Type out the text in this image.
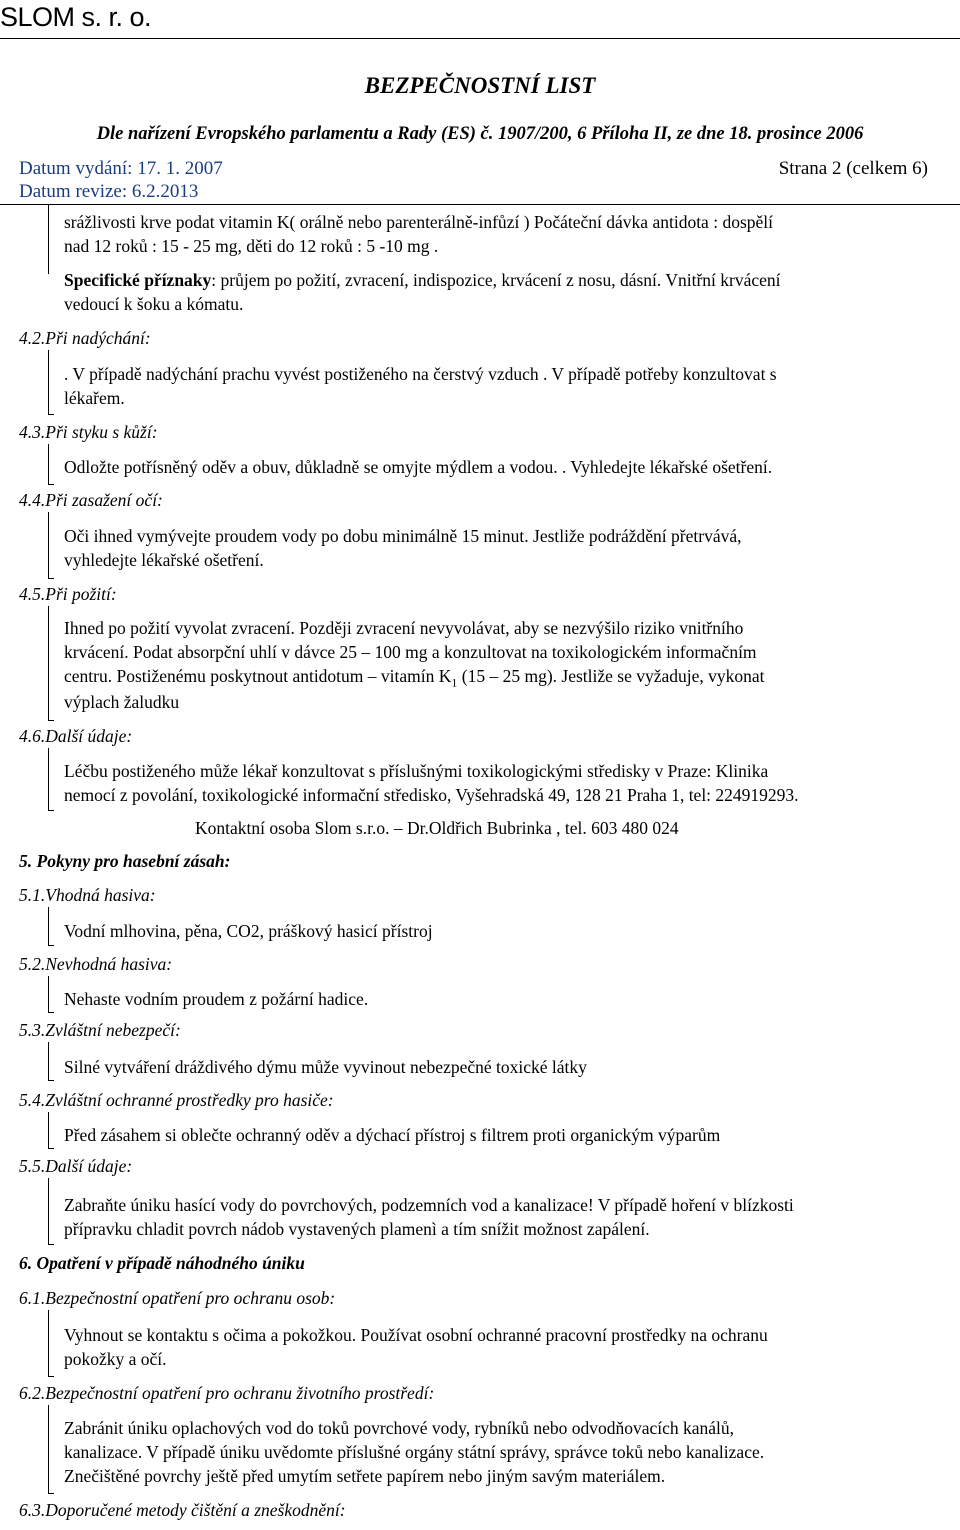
SLOM s. r. o.
BEZPEČNOSTNÍ LIST
Dle nařízení Evropského parlamentu a Rady (ES) č. 1907/200, 6 Příloha II, ze dne 18. prosince 2006
Datum vydání: 17. 1. 2007	Strana 2 (celkem 6)
Datum revize: 6.2.2013
srážlivosti krve podat vitamin K( orálně nebo parenterálně-infůzí ) Počáteční dávka antidota : dospělí
nad 12 roků : 15 - 25 mg, děti do 12 roků : 5 -10 mg .
Specifické příznaky: průjem po požití, zvracení, indispozice, krvácení z nosu, dásní. Vnitřní krvácení
vedoucí k šoku a kómatu.
4.2.Při nadýchání:
. V případě nadýchání prachu vyvést postiženého na čerstvý vzduch . V případě potřeby konzultovat s
lékařem.
4.3.Při styku s kůží:
Odložte potřísněný oděv a obuv, důkladně se omyjte mýdlem a vodou. . Vyhledejte lékařské ošetření.
4.4.Při zasažení očí:
Oči ihned vymývejte proudem vody po dobu minimálně 15 minut. Jestliže podráždění přetrvává,
vyhledejte lékařské ošetření.
4.5.Při požití:
Ihned po požití vyvolat zvracení. Později zvracení nevyvolávat, aby se nezvýšilo riziko vnitřního
krvácení. Podat absorpční uhlí v dávce 25 – 100 mg a konzultovat na toxikologickém informačním
centru. Postiženému poskytnout antidotum – vitamín $K_1$ (15 – 25 mg). Jestliže se vyžaduje, vykonat
výplach žaludku
4.6.Další údaje:
Léčbu postiženého může lékař konzultovat s příslušnými toxikologickými středisky v Praze: Klinika
nemocí z povolání, toxikologické informační středisko, Vyšehradská 49, 128 21 Praha 1, tel: 224919293.
Kontaktní osoba Slom s.r.o. – Dr.Oldřich Bubrinka , tel. 603 480 024
5. Pokyny pro hasební zásah:
5.1.Vhodná hasiva:
Vodní mlhovina, pěna, CO2, práškový hasicí přístroj
5.2.Nevhodná hasiva:
Nehaste vodním proudem z požární hadice.
5.3.Zvláštní nebezpečí:
Silné vytváření dráždivého dýmu může vyvinout nebezpečné toxické látky
5.4.Zvláštní ochranné prostředky pro hasiče:
Před zásahem si oblečte ochranný oděv a dýchací přístroj s filtrem proti organickým výparům
5.5.Další údaje:
Zabraňte úniku hasící vody do povrchových, podzemních vod a kanalizace! V případě hoření v blízkosti
přípravku chladit povrch nádob vystavených plamenì a tím snížit možnost zapálení.
6. Opatření v případě náhodného úniku
6.1.Bezpečnostní opatření pro ochranu osob:
Vyhnout se kontaktu s očima a pokožkou. Používat osobní ochranné pracovní prostředky na ochranu
pokožky a očí.
6.2.Bezpečnostní opatření pro ochranu životního prostředí:
Zabránit úniku oplachových vod do toků povrchové vody, rybníků nebo odvodňovacích kanálů,
kanalizace. V případě úniku uvědomte příslušné orgány státní správy, správce toků nebo kanalizace.
Znečištěné povrchy ještě před umytím setřete papírem nebo jiným savým materiálem.
6.3.Doporučené metody čištění a zneškodnění:
